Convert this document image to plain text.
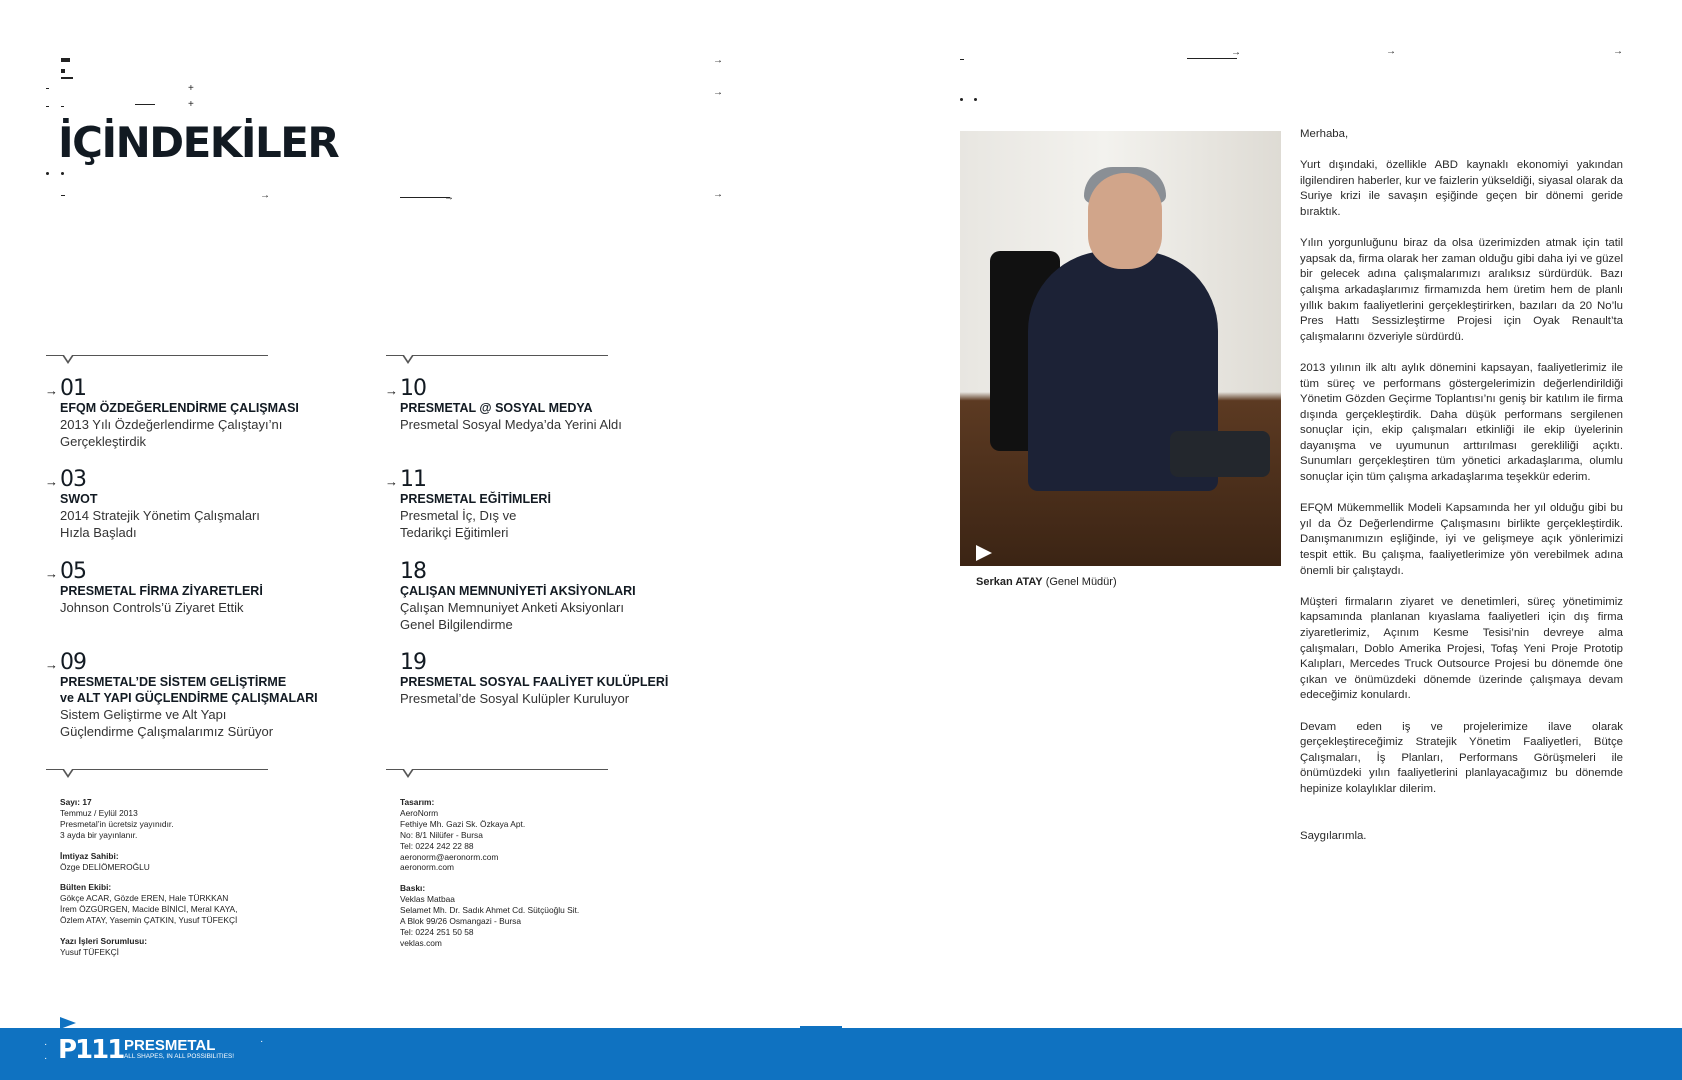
+
+
→	→
→
→
→
İÇİNDEKİLER
→ 01
EFQM ÖZDEĞERLENDİRME ÇALIŞMASI
2013 Yılı Özdeğerlendirme Çalıştayı’nı
Gerçekleştirdik
→ 03
SWOT
2014 Stratejik Yönetim Çalışmaları
Hızla Başladı
→ 05
PRESMETAL FİRMA ZİYARETLERİ
Johnson Controls’ü Ziyaret Ettik
→ 09
PRESMETAL’DE SİSTEM GELİŞTİRME
ve ALT YAPI GÜÇLENDİRME ÇALIŞMALARI
Sistem Geliştirme ve Alt Yapı
Güçlendirme Çalışmalarımız Sürüyor
→ 10
PRESMETAL @ SOSYAL MEDYA
Presmetal Sosyal Medya’da Yerini Aldı
→ 11
PRESMETAL EĞİTİMLERİ
Presmetal İç, Dış ve
Tedarikçi Eğitimleri
18
ÇALIŞAN MEMNUNİYETİ AKSİYONLARI
Çalışan Memnuniyet Anketi Aksiyonları
Genel Bilgilendirme
19
PRESMETAL SOSYAL FAALİYET KULÜPLERİ
Presmetal’de Sosyal Kulüpler Kuruluyor
Sayı: 17
Temmuz / Eylül 2013
Presmetal’in ücretsiz yayınıdır.
3 ayda bir yayınlanır.
İmtiyaz Sahibi:
Özge DELİÖMEROĞLU
Bülten Ekibi:
Gökçe ACAR, Gözde EREN, Hale TÜRKKAN
İrem ÖZGÜRGEN, Macide BİNİCİ, Meral KAYA,
Özlem ATAY, Yasemin ÇATKIN, Yusuf TÜFEKÇİ
Yazı İşleri Sorumlusu:
Yusuf TÜFEKÇİ
Tasarım:
AeroNorm
Fethiye Mh. Gazi Sk. Özkaya Apt.
No: 8/1 Nilüfer - Bursa
Tel: 0224 242 22 88
aeronorm@aeronorm.com
aeronorm.com
Baskı:
Veklas Matbaa
Selamet Mh. Dr. Sadık Ahmet Cd. Sütçüoğlu Sit.
A Blok 99/26 Osmangazi - Bursa
Tel: 0224 251 50 58
veklas.com
→	→	→
Serkan ATAY (Genel Müdür)

Merhaba,

Yurt dışındaki, özellikle ABD kaynaklı ekonomiyi yakından ilgilendiren haberler, kur ve faizlerin yükseldiği, siyasal olarak da Suriye krizi ile savaşın eşiğinde geçen bir dönemi geride bıraktık.

Yılın yorgunluğunu biraz da olsa üzerimizden atmak için tatil yapsak da, firma olarak her zaman olduğu gibi daha iyi ve güzel bir gelecek adına çalışmalarımızı aralıksız sürdürdük. Bazı çalışma arkadaşlarımız firmamızda hem üretim hem de planlı yıllık bakım faaliyetlerini gerçekleştirirken, bazıları da 20 No’lu Pres Hattı Sessizleştirme Projesi için Oyak Renault’ta çalışmalarını özveriyle sürdürdü.

2013 yılının ilk altı aylık dönemini kapsayan, faaliyetlerimiz ile tüm süreç ve performans göstergelerimizin değerlendirildiği Yönetim Gözden Geçirme Toplantısı’nı geniş bir katılım ile firma dışında gerçekleştirdik. Daha düşük performans sergilenen sonuçlar için, ekip çalışmaları etkinliği ile ekip üyelerinin dayanışma ve uyumunun arttırılması gerekliliği açıktı. Sunumları gerçekleştiren tüm yönetici arkadaşlarıma, olumlu sonuçlar için tüm çalışma arkadaşlarıma teşekkür ederim.

EFQM Mükemmellik Modeli Kapsamında her yıl olduğu gibi bu yıl da Öz Değerlendirme Çalışmasını birlikte gerçekleştirdik. Danışmanımızın eşliğinde, iyi ve gelişmeye açık yönlerimizi tespit ettik. Bu çalışma, faaliyetlerimize yön verebilmek adına önemli bir çalıştaydı.

Müşteri firmaların ziyaret ve denetimleri, süreç yönetimimiz kapsamında planlanan kıyaslama faaliyetleri için dış firma ziyaretlerimiz, Açınım Kesme Tesisi’nin devreye alma çalışmaları, Doblo Amerika Projesi, Tofaş Yeni Proje Prototip Kalıpları, Mercedes Truck Outsource Projesi bu dönemde öne çıkan ve önümüzdeki dönemde üzerinde çalışmaya devam edeceğimiz konulardı.

Devam eden iş ve projelerimize ilave olarak gerçekleştireceğimiz Stratejik Yönetim Faaliyetleri, Bütçe Çalışmaları, İş Planları, Performans Görüşmeleri ile önümüzdeki yılın faaliyetlerini planlayacağımız bu dönemde hepinize kolaylıklar dilerim.

Saygılarımla.

·
·
·
P111 PRESMETAL
ALL SHAPES, IN ALL POSSIBILITIES!
